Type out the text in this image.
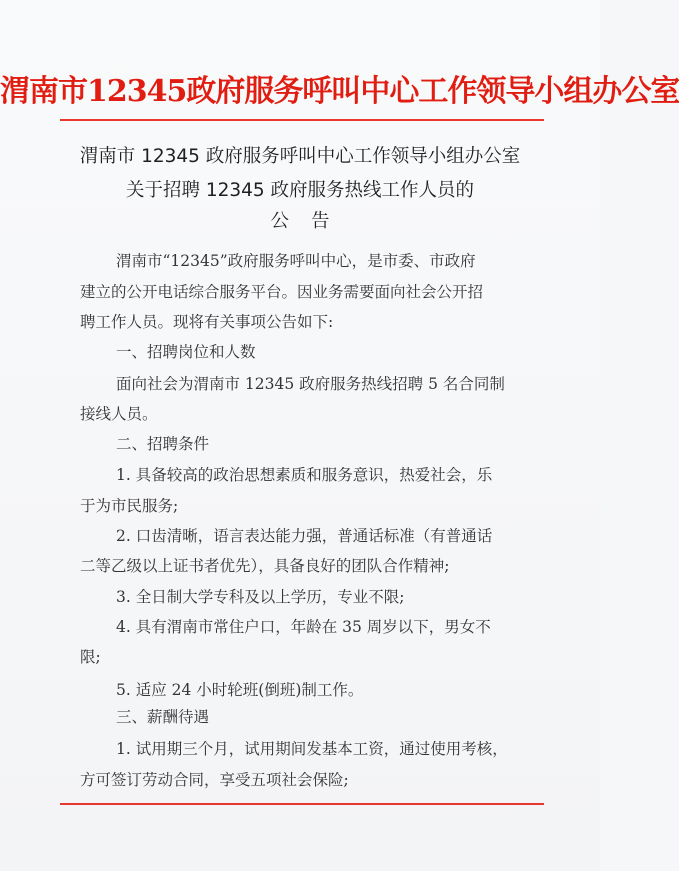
渭南市12345政府服务呼叫中心工作领导小组办公室
渭南市 12345 政府服务呼叫中心工作领导小组办公室
关于招聘 12345 政府服务热线工作人员的
公告
渭南市“12345”政府服务呼叫中心，是市委、市政府
建立的公开电话综合服务平台。因业务需要面向社会公开招
聘工作人员。现将有关事项公告如下:
一、招聘岗位和人数
面向社会为渭南市 12345 政府服务热线招聘 5 名合同制
接线人员。
二、招聘条件
1. 具备较高的政治思想素质和服务意识，热爱社会，乐
于为市民服务;
2. 口齿清晰，语言表达能力强，普通话标准（有普通话
二等乙级以上证书者优先），具备良好的团队合作精神;
3. 全日制大学专科及以上学历，专业不限;
4. 具有渭南市常住户口，年龄在 35 周岁以下，男女不
限;
5. 适应 24 小时轮班(倒班)制工作。
三、薪酬待遇
1. 试用期三个月，试用期间发基本工资，通过使用考核，
方可签订劳动合同，享受五项社会保险;
